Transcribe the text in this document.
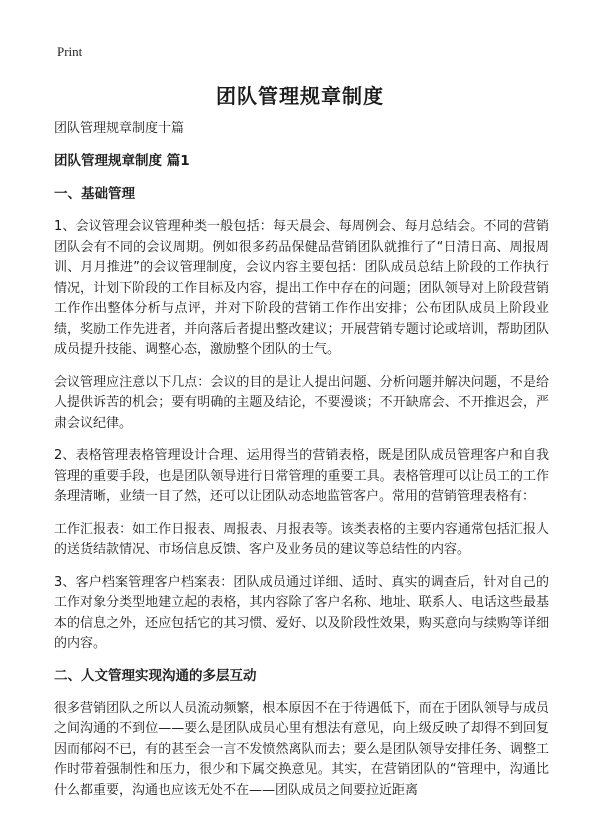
Print
团队管理规章制度
团队管理规章制度十篇
团队管理规章制度 篇1
一、基础管理

1、会议管理会议管理种类一般包括：每天晨会、每周例会、每月总结会。不同的营销团队会有不同的会议周期。例如很多药品保健品营销团队就推行了“日清日高、周报周训、月月推进”的会议管理制度，会议内容主要包括：团队成员总结上阶段的工作执行情况，计划下阶段的工作目标及内容，提出工作中存在的问题；团队领导对上阶段营销工作作出整体分析与点评，并对下阶段的营销工作作出安排；公布团队成员上阶段业绩，奖励工作先进者，并向落后者提出整改建议；开展营销专题讨论或培训，帮助团队成员提升技能、调整心态，激励整个团队的士气。

会议管理应注意以下几点：会议的目的是让人提出问题、分析问题并解决问题，不是给人提供诉苦的机会；要有明确的主题及结论，不要漫谈；不开缺席会、不开推迟会，严肃会议纪律。

2、表格管理表格管理设计合理、运用得当的营销表格，既是团队成员管理客户和自我管理的重要手段，也是团队领导进行日常管理的重要工具。表格管理可以让员工的工作条理清晰，业绩一目了然，还可以让团队动态地监管客户。常用的营销管理表格有：

工作汇报表：如工作日报表、周报表、月报表等。该类表格的主要内容通常包括汇报人的送货结款情况、市场信息反馈、客户及业务员的建议等总结性的内容。

3、客户档案管理客户档案表：团队成员通过详细、适时、真实的调查后，针对自己的工作对象分类型地建立起的表格，其内容除了客户名称、地址、联系人、电话这些最基本的信息之外，还应包括它的其习惯、爱好、以及阶段性效果，购买意向与续购等详细的内容。

二、人文管理实现沟通的多层互动

很多营销团队之所以人员流动频繁，根本原因不在于待遇低下，而在于团队领导与成员之间沟通的不到位——要么是团队成员心里有想法有意见，向上级反映了却得不到回复因而郁闷不已，有的甚至会一言不发愤然离队而去；要么是团队领导安排任务、调整工作时带着强制性和压力，很少和下属交换意见。其实，在营销团队的“管理中，沟通比什么都重要，沟通也应该无处不在——团队成员之间要拉近距离
